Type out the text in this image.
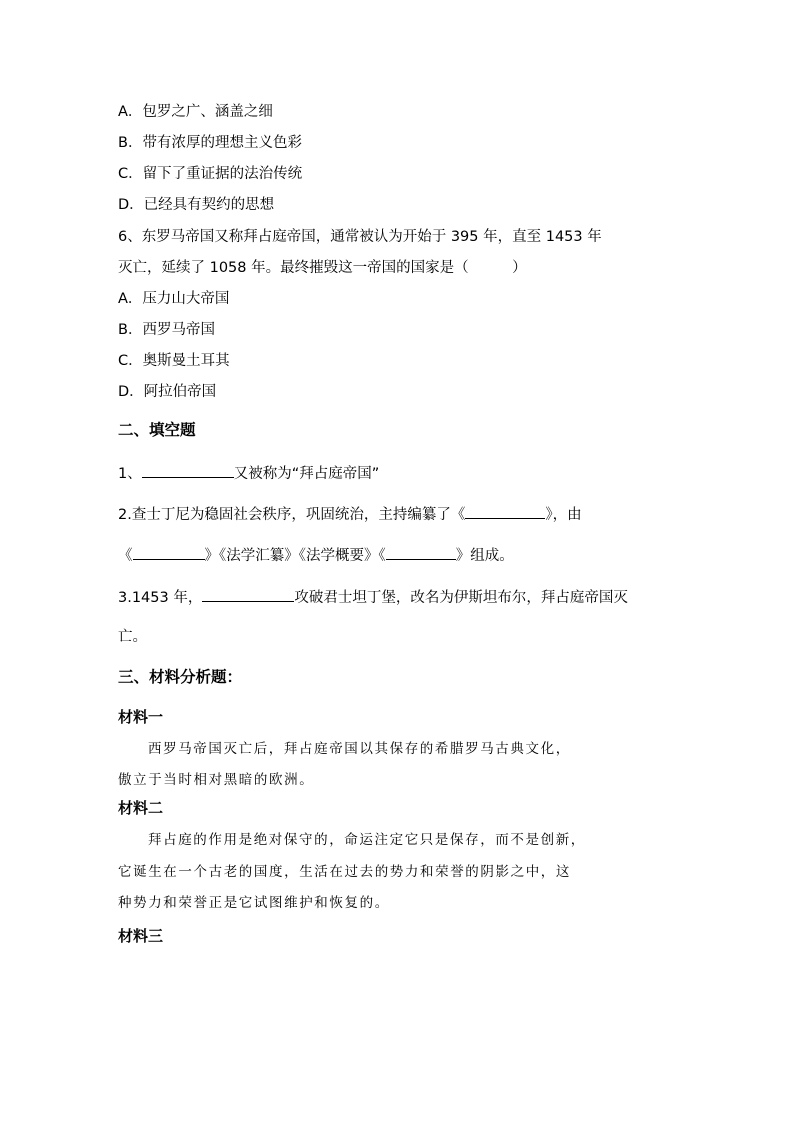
A．包罗之广、涵盖之细
B．带有浓厚的理想主义色彩
C．留下了重证据的法治传统
D．已经具有契约的思想
6、东罗马帝国又称拜占庭帝国，通常被认为开始于 395 年，直至 1453 年
灭亡，延续了 1058 年。最终摧毁这一帝国的国家是（　　　）
A．压力山大帝国
B．西罗马帝国
C．奥斯曼土耳其
D．阿拉伯帝国
二、填空题
1、	又被称为“拜占庭帝国”
2.查士丁尼为稳固社会秩序，巩固统治，主持编纂了《	》，由
《	》《法学汇纂》《法学概要》《	》组成。
3.1453 年，	攻破君士坦丁堡，改名为伊斯坦布尔，拜占庭帝国灭
亡。
三、材料分析题：
材料一
西罗马帝国灭亡后，拜占庭帝国以其保存的希腊罗马古典文化，
傲立于当时相对黑暗的欧洲。
材料二
拜占庭的作用是绝对保守的，命运注定它只是保存，而不是创新，
它诞生在一个古老的国度，生活在过去的势力和荣誉的阴影之中，这
种势力和荣誉正是它试图维护和恢复的。
材料三
